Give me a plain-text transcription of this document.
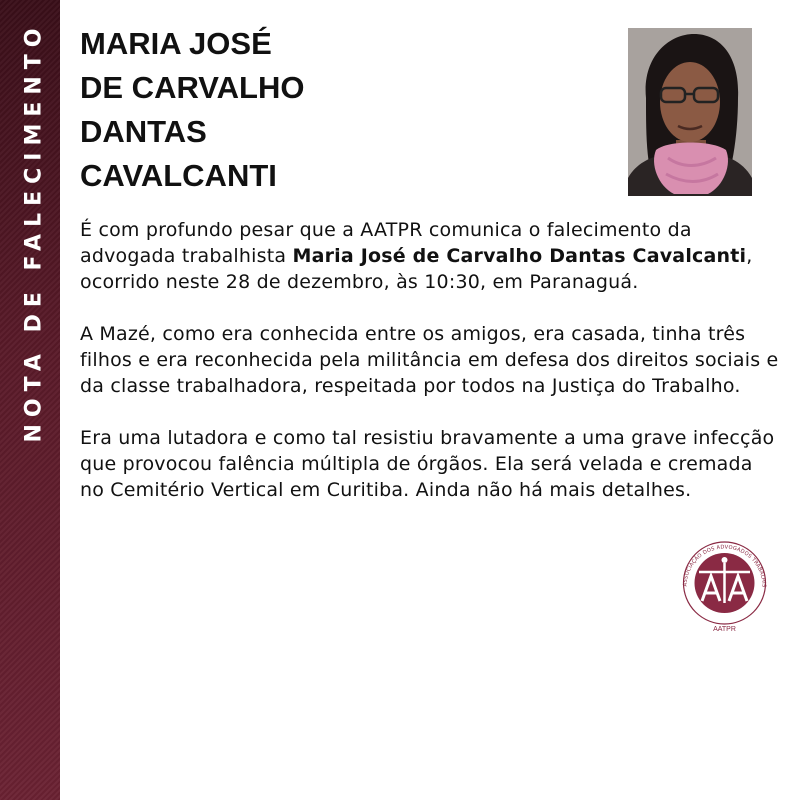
NOTA DE FALECIMENTO MARIA JOSÉ
DE CARVALHO
DANTAS
CAVALCANTI

É com profundo pesar que a AATPR comunica o falecimento da advogada trabalhista Maria José de Carvalho Dantas Cavalcanti, ocorrido neste 28 de dezembro, às 10:30, em Paranaguá.

A Mazé, como era conhecida entre os amigos, era casada, tinha três filhos e era reconhecida pela militância em defesa dos direitos sociais e da classe trabalhadora, respeitada por todos na Justiça do Trabalho.

Era uma lutadora e como tal resistiu bravamente a uma grave infecção que provocou falência múltipla de órgãos. Ela será velada e cremada no Cemitério Vertical em Curitiba. Ainda não há mais detalhes.

ASSOCIAÇÃO DOS ADVOGADOS TRABALHIS
AATPR
